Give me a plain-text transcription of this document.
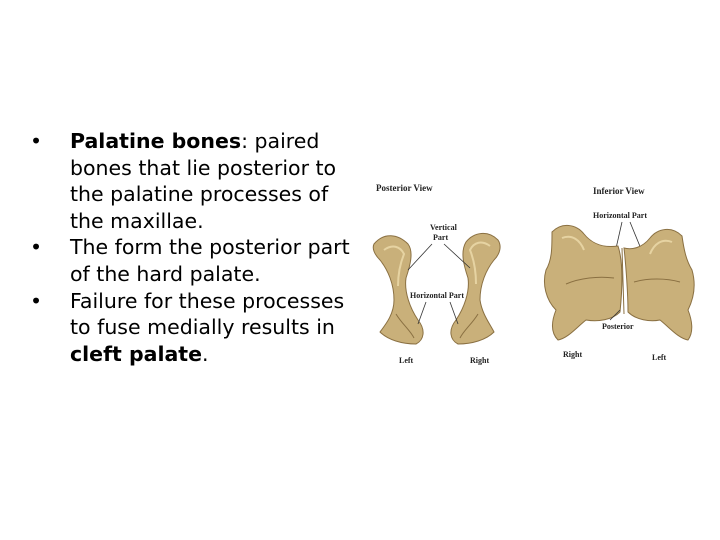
• Palatine bones: paired bones that lie posterior to the palatine processes of the maxillae.
• The form the posterior part of the hard palate.
• Failure for these processes to fuse medially results in cleft palate.
Posterior View
Vertical
Part
Horizontal Part
Left	Right
Inferior View
Horizontal Part
Posterior
Right	Left
